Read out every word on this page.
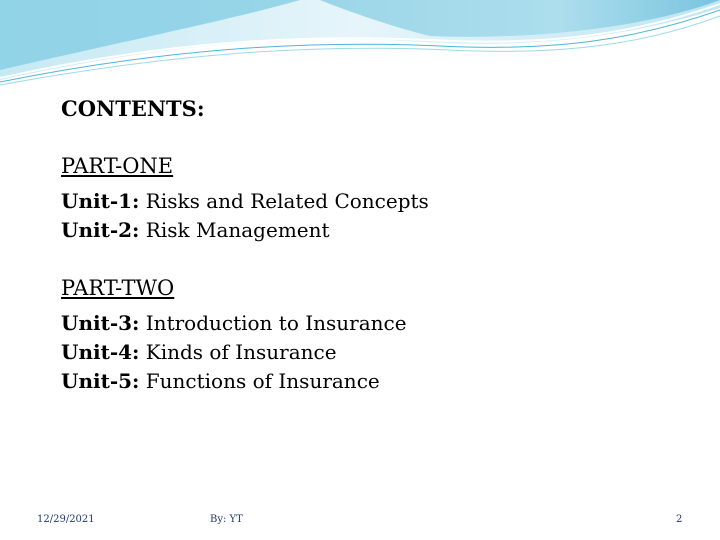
CONTENTS:

PART-ONE
Unit-1: Risks and Related Concepts
Unit-2: Risk Management
PART-TWO
Unit-3: Introduction to Insurance
Unit-4: Kinds of Insurance
Unit-5: Functions of Insurance
12/29/2021	By: YT	2
